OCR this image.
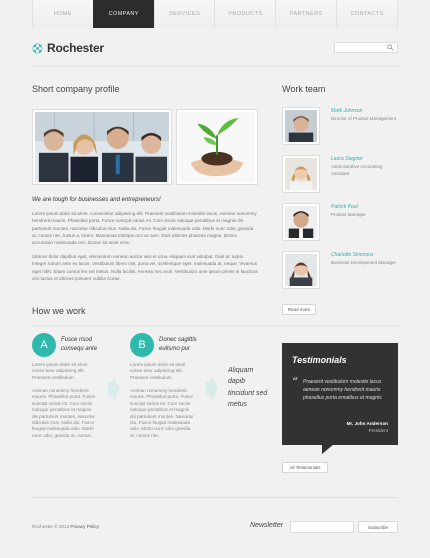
HOME	COMPANY	SERVICES	PRODUCTS	PARTNERS	CONTACTS
Rochester
Short company profile	Work team
We are tough for businesses and entrepreneurs!
Lorem ipsum dolor sit amet, consectetur adipiscing elit. Praesent vestibulum molestie lacus. Aenean nonummy hendrerit mauris. Phasellus porta. Fusce suscipit varius mi. Cum sociis natoque penatibus et magnis dis parturient montes, nascetur ridiculus mus. Nulla dui. Fusce feugiat malesuada odio. Morbi nunc odio, gravida at, cursus nec, luctus a, lorem. Maecenas tristique orci ac sem. Duis ultricies pharetra magna. Donec accumsan malesuada orci. Donec sit amet eros.
Ultrices dolor dapibus eget, elementum Aenean auctor wisi et urna. Aliquam erat volutpat. Duis ac turpis. Integer rutrum ante eu lacus. Vestibulum libero nisl, porta vel, scelerisque eget, malesuada at, neque. Vivamus eget nibh. Etiam cursus leo vel metus. Nulla facilisi. Aenean nec eros. Vestibulum ante ipsum primis in faucibus orci luctus et ultrices posuere cubilia Curae.
Mark Johnson
Director of Product Management
Laura Stegner
Administrative Accounting Assistant
Patrick Pool
Product Manager
Charlotte Simmons
Business Development Manager
Read more
How we work
A	Fusce risod consequ ante
Lorem ipsum dolor sit amet conse tetur adipiscing elit. Praesent vestibulum.
Aenean nonummy hendrerit mauris. Phasellus porta. Fusce suscipit varius mi. Cum sociis natoque penatibus et magnis dis parturient montes, nascetur ridiculus mus. Nulla dui. Fusce feugiat malesuada odio. Morbi nunc odio, gravida at, cursus.
B	Donec sagittis eulismo pur
Lorem ipsum dolor sit amet conse tetur adipiscing elit. Praesent vestibulum.
Aenean nonummy hendrerit mauris. Phasellus porta. Fusce suscipit varius mi. Cum sociis natoque penatibus et magnis dis parturient montes. Nascetur dui. Fusce feugiat malesuada odio. Morbi nunc odio gravida at, cursus nec.
Aliquam dapib tincidunt sed metus
Testimonials
“ Praesent vestibulum molestie lacus aenean nonummy hendrerit mauris phasellus porta ematibus et magnis
Mr. John Anderson
President
All Testimonials
Rochester © 2013 Privacy Policy	Newsletter	Subscribe
